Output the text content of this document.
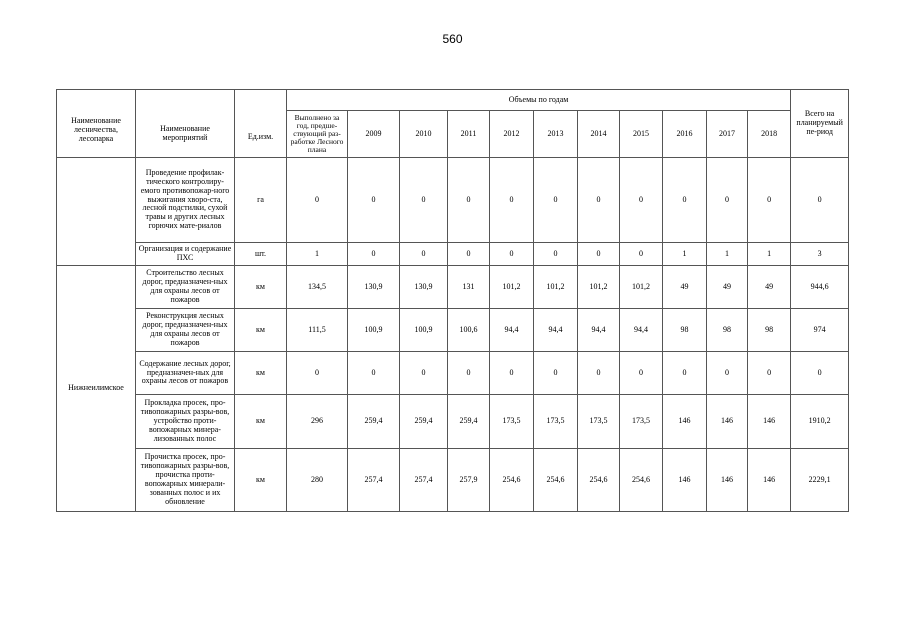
560
Наименование лесничества, лесопарка	Наименование мероприятий	Ед.изм.	Объемы по годам											Всего на планируемый пе-риод
			Выполнено за год, предше-ствующий раз-работке Лесного плана	2009	2010	2011	2012	2013	2014	2015	2016	2017	2018	
	Проведение профилак-тического контролиру-емого противопожар-ного выжигания хворо-ста, лесной подстилки, сухой травы и других лесных горючих мате-риалов	га	0	0	0	0	0	0	0	0	0	0	0	0
	Организация и содержание ПХС	шт.	1	0	0	0	0	0	0	0	1	1	1	3
Нижнеилимское	Строительство лесных дорог, предназначен-ных для охраны лесов от пожаров	км	134,5	130,9	130,9	131	101,2	101,2	101,2	101,2	49	49	49	944,6
	Реконструкция лесных дорог, предназначен-ных для охраны лесов от пожаров	км	111,5	100,9	100,9	100,6	94,4	94,4	94,4	94,4	98	98	98	974
	Содержание лесных дорог, предназначен-ных для охраны лесов от пожаров	км	0	0	0	0	0	0	0	0	0	0	0	0
	Прокладка просек, про-тивопожарных разры-вов, устройство проти-вопожарных минера-лизованных полос	км	296	259,4	259,4	259,4	173,5	173,5	173,5	173,5	146	146	146	1910,2
	Прочистка просек, про-тивопожарных разры-вов, прочистка проти-вопожарных минерали-зованных полос и их обновление	км	280	257,4	257,4	257,9	254,6	254,6	254,6	254,6	146	146	146	2229,1
